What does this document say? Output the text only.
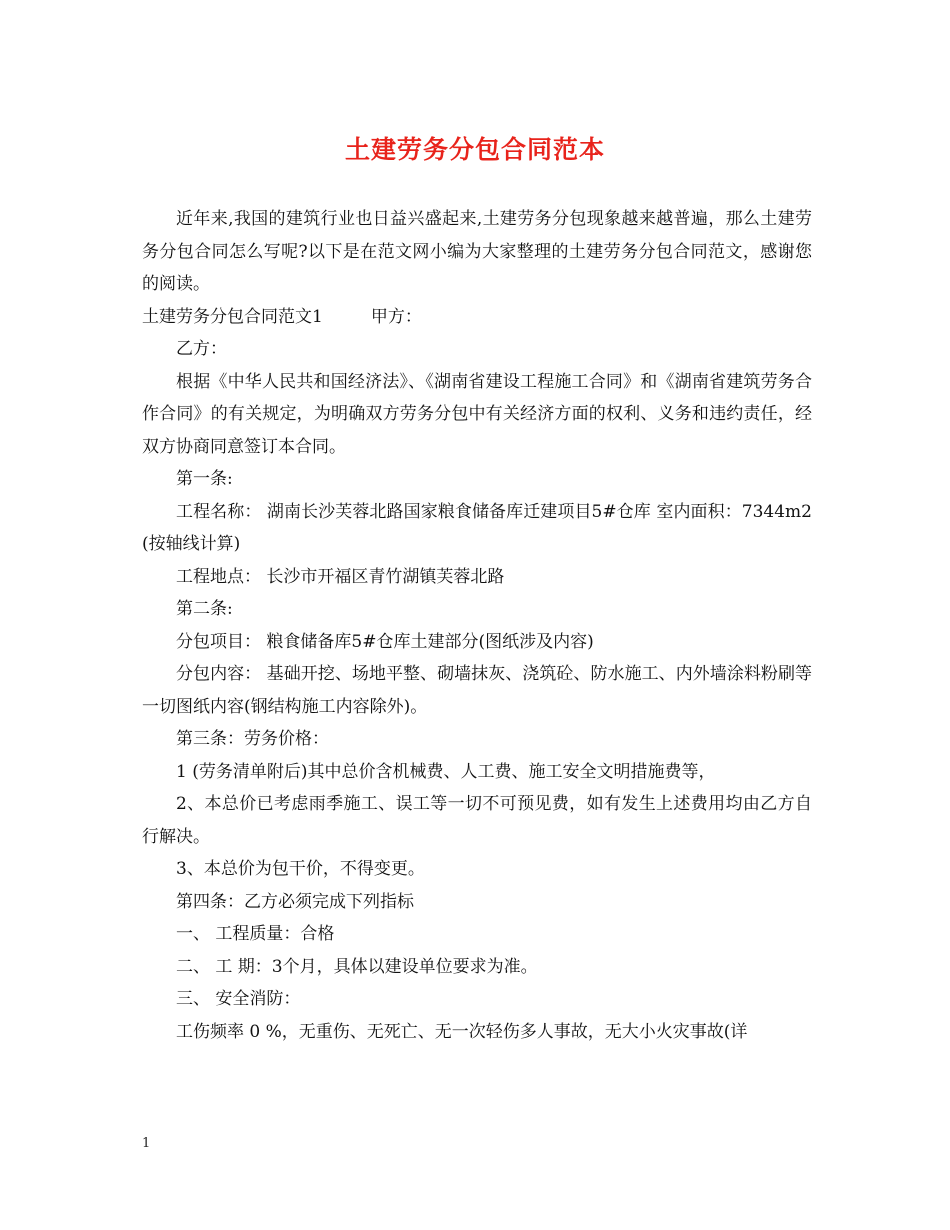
土建劳务分包合同范本

近年来,我国的建筑行业也日益兴盛起来,土建劳务分包现象越来越普遍，那么土建劳务分包合同怎么写呢?以下是在范文网小编为大家整理的土建劳务分包合同范文，感谢您的阅读。

土建劳务分包合同范文1	甲方：

乙方：

根据《中华人民共和国经济法》、《湖南省建设工程施工合同》和《湖南省建筑劳务合作合同》的有关规定，为明确双方劳务分包中有关经济方面的权利、义务和违约责任，经双方协商同意签订本合同。

第一条:

工程名称： 湖南长沙芙蓉北路国家粮食储备库迁建项目5#仓库 室内面积：7344m2(按轴线计算)

工程地点： 长沙市开福区青竹湖镇芙蓉北路

第二条:

分包项目： 粮食储备库5#仓库土建部分(图纸涉及内容)

分包内容： 基础开挖、场地平整、砌墙抹灰、浇筑砼、防水施工、内外墙涂料粉刷等一切图纸内容(钢结构施工内容除外)。

第三条：劳务价格：

1 (劳务清单附后)其中总价含机械费、人工费、施工安全文明措施费等，

2、本总价已考虑雨季施工、误工等一切不可预见费，如有发生上述费用均由乙方自行解决。

3、本总价为包干价，不得变更。

第四条：乙方必须完成下列指标

一、 工程质量：合格

二、 工 期：3个月，具体以建设单位要求为准。

三、 安全消防：

工伤频率 0 %，无重伤、无死亡、无一次轻伤多人事故，无大小火灾事故(详

1
